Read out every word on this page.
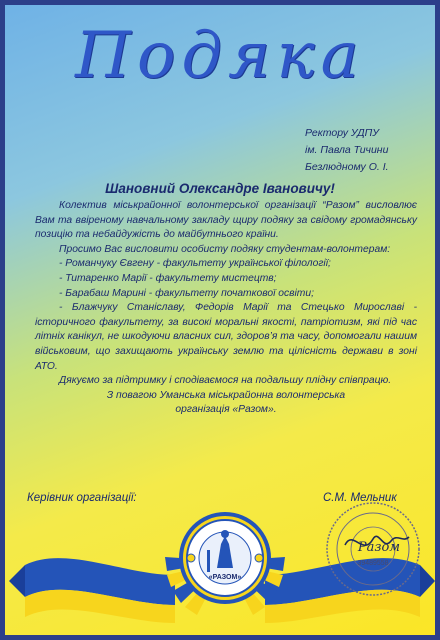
Подяка
Ректору УДПУ
ім. Павла Тичини
Безлюдному О. І.
Шановний Олександре Івановичу!

Колектив міськрайонної волонтерської організації “Разом” висловлює Вам та ввіреному навчальному закладу щиру подяку за свідому громадянську позицію та небайдужість до майбутнього країни.

Просимо Вас висловити особисту подяку студентам-волонтерам:

- Романчуку Євгену - факультету української філології;

- Титаренко Марії - факультету мистецтв;

- Барабаш Марині - факультету початкової освіти;

- Блажчуку Станіславу, Федорів Марії та Стецько Мирославі - історичного факультету, за високі моральні якості, патріотизм, які під час літніх канікул, не шкодуючи власних сил, здоров’я та часу, допомогали нашим військовим, що захищають українську землю та цілісність держави в зоні АТО.

Дякуємо за підтримку і сподіваємося на подальшу плідну співпрацю.

З повагою Уманська міськрайонна волонтерська

організація «Разом».

Керівник організації:	С.М. Мельник
«РАЗОМ»
39489558
Разом
